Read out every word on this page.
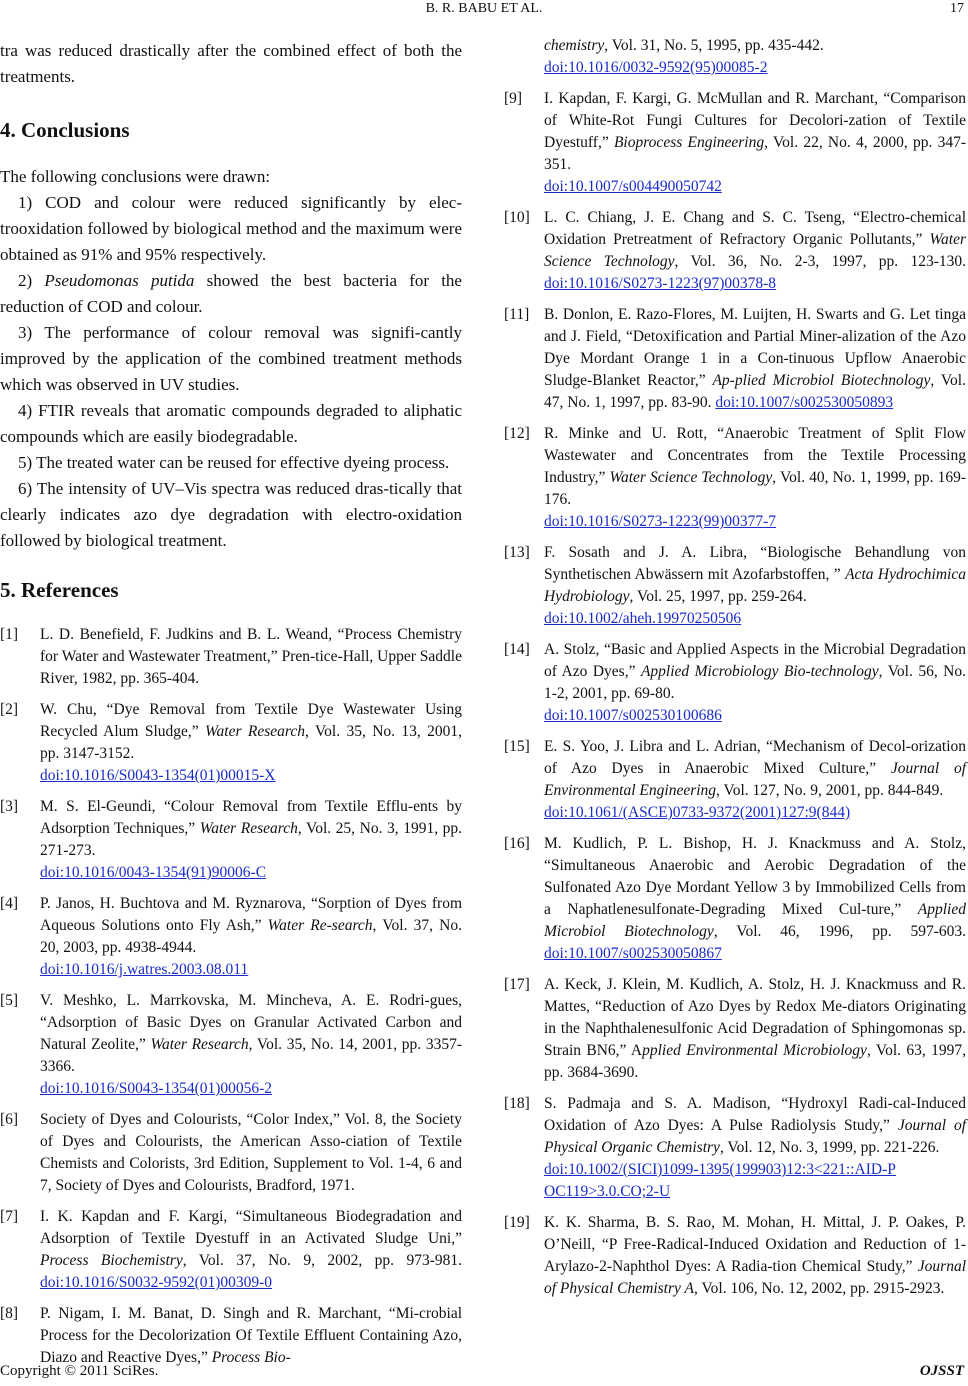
B. R. BABU ET AL.	17

tra was reduced drastically after the combined effect of both the treatments.

4. Conclusions

The following conclusions were drawn:

1) COD and colour were reduced significantly by elec-trooxidation followed by biological method and the maximum were obtained as 91% and 95% respectively.

2) Pseudomonas putida showed the best bacteria for the reduction of COD and colour.

3) The performance of colour removal was signifi-cantly improved by the application of the combined treatment methods which was observed in UV studies.

4) FTIR reveals that aromatic compounds degraded to aliphatic compounds which are easily biodegradable.

5) The treated water can be reused for effective dyeing process.

6) The intensity of UV–Vis spectra was reduced dras-tically that clearly indicates azo dye degradation with electro-oxidation followed by biological treatment.

5. References
[1]	L. D. Benefield, F. Judkins and B. L. Weand, “Process Chemistry for Water and Wastewater Treatment,” Pren-tice-Hall, Upper Saddle River, 1982, pp. 365-404.
[2]	W. Chu, “Dye Removal from Textile Dye Wastewater Using Recycled Alum Sludge,” Water Research, Vol. 35, No. 13, 2001, pp. 3147-3152.
doi:10.1016/S0043-1354(01)00015-X
[3]	M. S. El-Geundi, “Colour Removal from Textile Efflu-ents by Adsorption Techniques,” Water Research, Vol. 25, No. 3, 1991, pp. 271-273.
doi:10.1016/0043-1354(91)90006-C
[4]	P. Janos, H. Buchtova and M. Ryznarova, “Sorption of Dyes from Aqueous Solutions onto Fly Ash,” Water Re-search, Vol. 37, No. 20, 2003, pp. 4938-4944.
doi:10.1016/j.watres.2003.08.011
[5]	V. Meshko, L. Marrkovska, M. Mincheva, A. E. Rodri-gues, “Adsorption of Basic Dyes on Granular Activated Carbon and Natural Zeolite,” Water Research, Vol. 35, No. 14, 2001, pp. 3357-3366.
doi:10.1016/S0043-1354(01)00056-2
[6]	Society of Dyes and Colourists, “Color Index,” Vol. 8, the Society of Dyes and Colourists, the American Asso-ciation of Textile Chemists and Colorists, 3rd Edition, Supplement to Vol. 1-4, 6 and 7, Society of Dyes and Colourists, Bradford, 1971.
[7]	I. K. Kapdan and F. Kargi, “Simultaneous Biodegradation and Adsorption of Textile Dyestuff in an Activated Sludge Uni,” Process Biochemistry, Vol. 37, No. 9, 2002, pp. 973-981. doi:10.1016/S0032-9592(01)00309-0
[8]	P. Nigam, I. M. Banat, D. Singh and R. Marchant, “Mi-crobial Process for the Decolorization Of Textile Effluent Containing Azo, Diazo and Reactive Dyes,” Process Bio-
chemistry, Vol. 31, No. 5, 1995, pp. 435-442.
doi:10.1016/0032-9592(95)00085-2
[9]	I. Kapdan, F. Kargi, G. McMullan and R. Marchant, “Comparison of White-Rot Fungi Cultures for Decolori-zation of Textile Dyestuff,” Bioprocess Engineering, Vol. 22, No. 4, 2000, pp. 347-351.
doi:10.1007/s004490050742
[10] L. C. Chiang, J. E. Chang and S. C. Tseng, “Electro-chemical Oxidation Pretreatment of Refractory Organic Pollutants,” Water Science Technology, Vol. 36, No. 2-3, 1997, pp. 123-130. doi:10.1016/S0273-1223(97)00378-8
[11] B. Donlon, E. Razo-Flores, M. Luijten, H. Swarts and G. Let tinga and J. Field, “Detoxification and Partial Miner-alization of the Azo Dye Mordant Orange 1 in a Con-tinuous Upflow Anaerobic Sludge-Blanket Reactor,” Ap-plied Microbiol Biotechnology, Vol. 47, No. 1, 1997, pp. 83-90. doi:10.1007/s002530050893
[12] R. Minke and U. Rott, “Anaerobic Treatment of Split Flow Wastewater and Concentrates from the Textile Processing Industry,” Water Science Technology, Vol. 40, No. 1, 1999, pp. 169-176.
doi:10.1016/S0273-1223(99)00377-7
[13] F. Sosath and J. A. Libra, “Biologische Behandlung von Synthetischen Abwässern mit Azofarbstoffen, ” Acta Hydrochimica Hydrobiology, Vol. 25, 1997, pp. 259-264.
doi:10.1002/aheh.19970250506
[14] A. Stolz, “Basic and Applied Aspects in the Microbial Degradation of Azo Dyes,” Applied Microbiology Bio-technology, Vol. 56, No. 1-2, 2001, pp. 69-80.
doi:10.1007/s002530100686
[15] E. S. Yoo, J. Libra and L. Adrian, “Mechanism of Decol-orization of Azo Dyes in Anaerobic Mixed Culture,” Journal of Environmental Engineering, Vol. 127, No. 9, 2001, pp. 844-849.
doi:10.1061/(ASCE)0733-9372(2001)127:9(844)
[16] M. Kudlich, P. L. Bishop, H. J. Knackmuss and A. Stolz, “Simultaneous Anaerobic and Aerobic Degradation of the Sulfonated Azo Dye Mordant Yellow 3 by Immobilized Cells from a Naphatlenesulfonate-Degrading Mixed Cul-ture,” Applied Microbiol Biotechnology, Vol. 46, 1996, pp. 597-603. doi:10.1007/s002530050867
[17] A. Keck, J. Klein, M. Kudlich, A. Stolz, H. J. Knackmuss and R. Mattes, “Reduction of Azo Dyes by Redox Me-diators Originating in the Naphthalenesulfonic Acid Degradation of Sphingomonas sp. Strain BN6,” Applied Environmental Microbiology, Vol. 63, 1997, pp. 3684-3690.
[18] S. Padmaja and S. A. Madison, “Hydroxyl Radi-cal-Induced Oxidation of Azo Dyes: A Pulse Radiolysis Study,” Journal of Physical Organic Chemistry, Vol. 12, No. 3, 1999, pp. 221-226.
doi:10.1002/(SICI)1099-1395(199903)12:3<221::AID-P OC119>3.0.CO;2-U
[19] K. K. Sharma, B. S. Rao, M. Mohan, H. Mittal, J. P. Oakes, P. O’Neill, “P Free-Radical-Induced Oxidation and Reduction of 1-Arylazo-2-Naphthol Dyes: A Radia-tion Chemical Study,” Journal of Physical Chemistry A, Vol. 106, No. 12, 2002, pp. 2915-2923.
Copyright © 2011 SciRes.	OJSST
